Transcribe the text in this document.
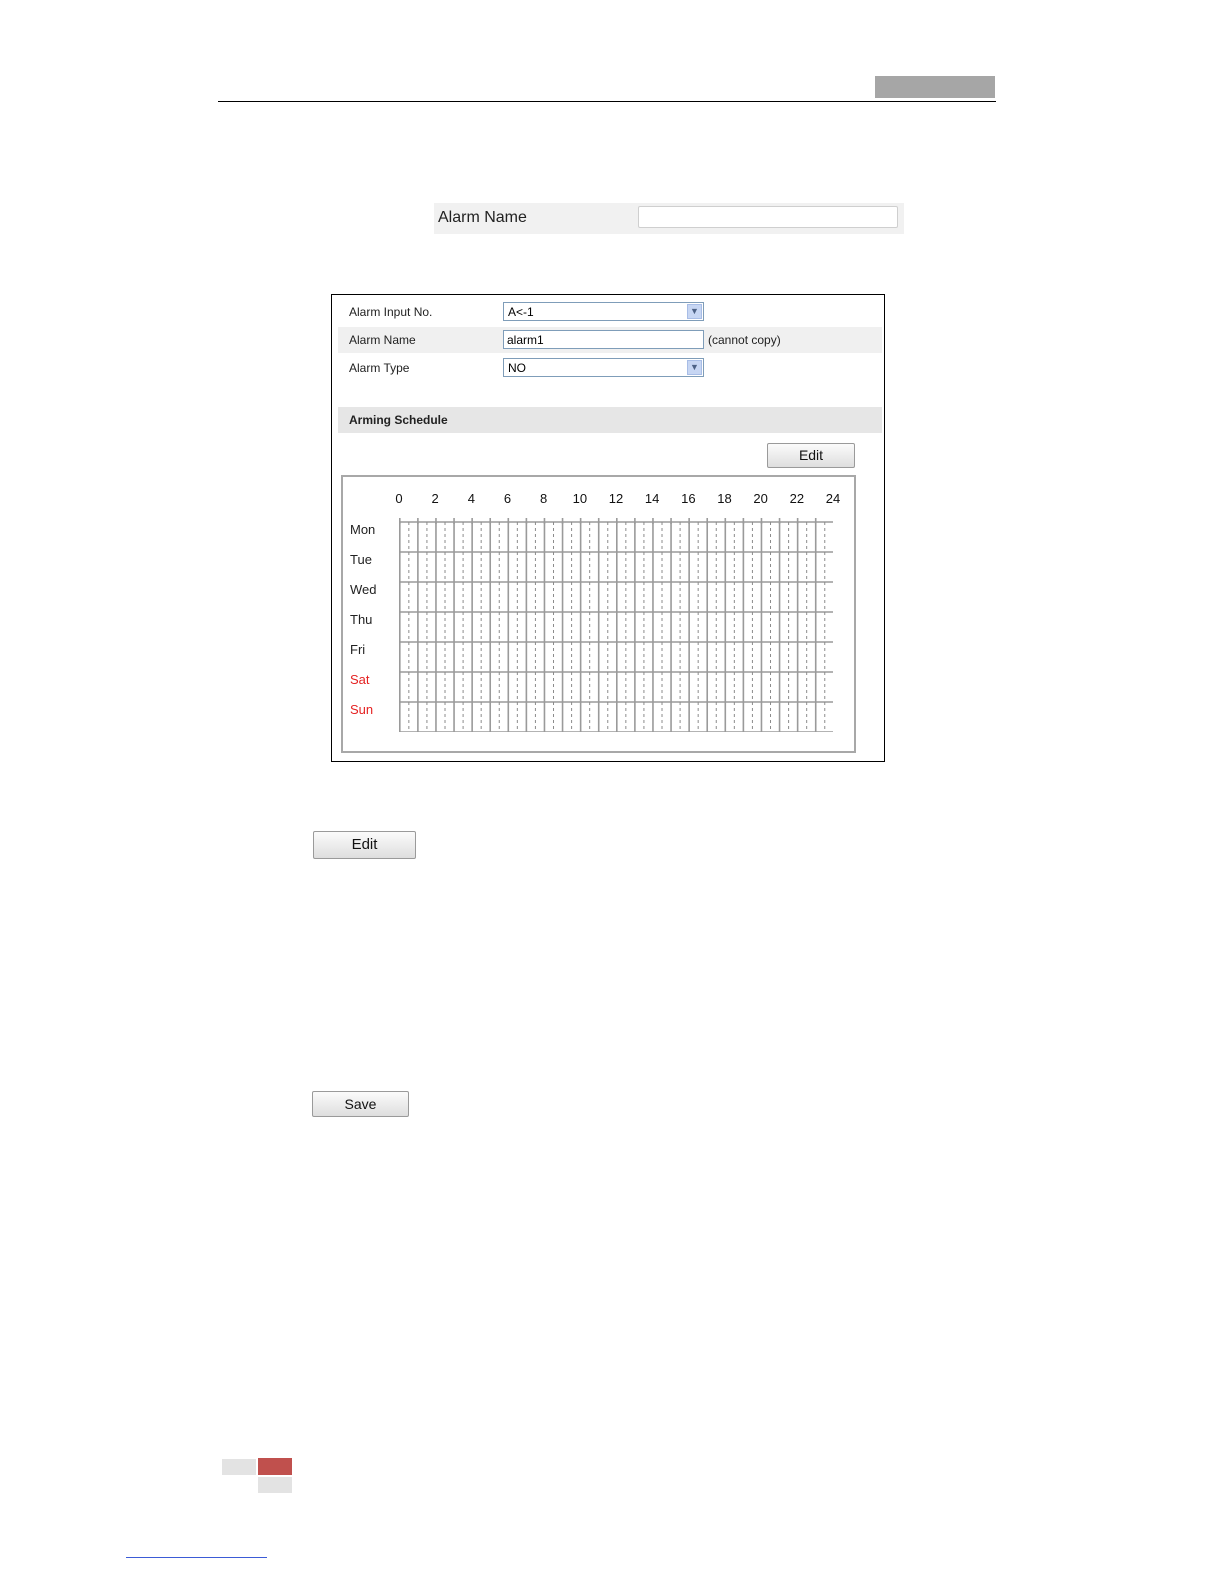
Alarm Name
Alarm Input No.	A<-1	▼
Alarm Name	alarm1	(cannot copy)
Alarm Type	NO	▼
Arming Schedule
Edit
0 2 4 6 8 10 12 14 16 18 20 22 24
Mon
Tue
Wed
Thu
Fri
Sat
Sun
Edit
Save
